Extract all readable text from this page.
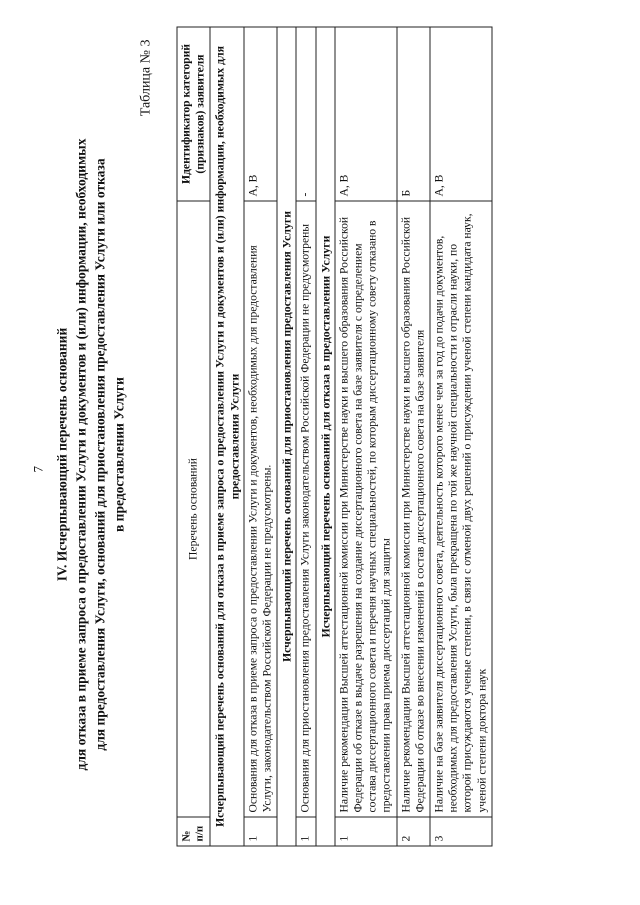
7 IV. Исчерпывающий перечень оснований для отказа в приеме запроса о предоставлении Услуги и документов и (или) информации, необходимых для предоставления Услуги, оснований для приостановления предоставления Услуги или отказа в предоставлении Услуги
Таблица № 3
№ п/п	Перечень оснований	Идентификатор категорий (признаков) заявителя
Исчерпывающий перечень оснований для отказа в приеме запроса о предоставлении Услуги и документов и (или) информации, необходимых для предоставления Услуги		
1	Основания для отказа в приеме запроса о предоставлении Услуги и документов, необходимых для предоставления Услуги, законодательством Российской Федерации не предусмотрены.	А, В
Исчерпывающий перечень оснований для приостановления предоставления Услуги		
1	Основания для приостановления предоставления Услуги законодательством Российской Федерации не предусмотрены	-
Исчерпывающий перечень оснований для отказа в предоставлении Услуги		
1	Наличие рекомендации Высшей аттестационной комиссии при Министерстве науки и высшего образования Российской Федерации об отказе в выдаче разрешения на создание диссертационного совета на базе заявителя с определением состава диссертационного совета и перечня научных специальностей, по которым диссертационному совету отказано в предоставлении права приема диссертаций для защиты	А, В
2	Наличие рекомендации Высшей аттестационной комиссии при Министерстве науки и высшего образования Российской Федерации об отказе во внесении изменений в состав диссертационного совета на базе заявителя	Б
3	Наличие на базе заявителя диссертационного совета, деятельность которого менее чем за год до подачи документов, необходимых для предоставления Услуги, была прекращена по той же научной специальности и отрасли науки, по которой присуждаются ученые степени, в связи с отменой двух решений о присуждении ученой степени кандидата наук, ученой степени доктора наук	А, В
